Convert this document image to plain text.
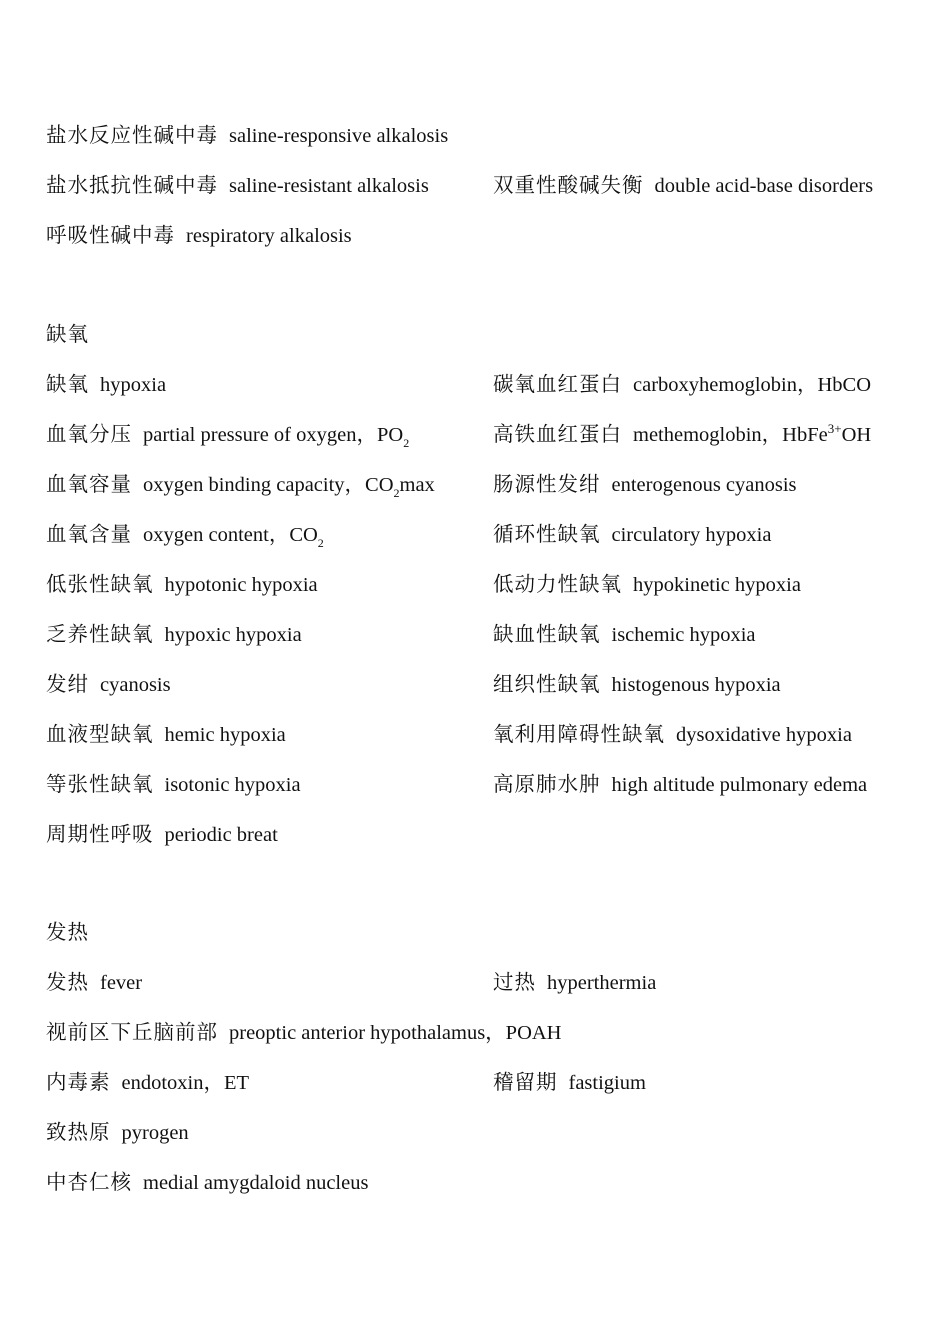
盐水反应性碱中毒 saline-responsive alkalosis
盐水抵抗性碱中毒 saline-resistant alkalosis	双重性酸碱失衡 double acid-base disorders
呼吸性碱中毒 respiratory alkalosis
缺氧
缺氧 hypoxia	碳氧血红蛋白 carboxyhemoglobin，HbCO
血氧分压 partial pressure of oxygen，$PO_2$	高铁血红蛋白 methemoglobin，HbFe$^{3+}$OH
血氧容量 oxygen binding capacity，$CO_2\max$	肠源性发绀 enterogenous cyanosis
血氧含量 oxygen content，$CO_2$	循环性缺氧 circulatory hypoxia
低张性缺氧 hypotonic hypoxia	低动力性缺氧 hypokinetic hypoxia
乏养性缺氧 hypoxic hypoxia	缺血性缺氧 ischemic hypoxia
发绀 cyanosis	组织性缺氧 histogenous hypoxia
血液型缺氧 hemic hypoxia	氧利用障碍性缺氧 dysoxidative hypoxia
等张性缺氧 isotonic hypoxia	高原肺水肿 high altitude pulmonary edema
周期性呼吸 periodic breat
发热
发热 fever	过热 hyperthermia
视前区下丘脑前部 preoptic anterior hypothalamus，POAH
内毒素 endotoxin，ET	稽留期 fastigium
致热原 pyrogen
中杏仁核 medial amygdaloid nucleus
